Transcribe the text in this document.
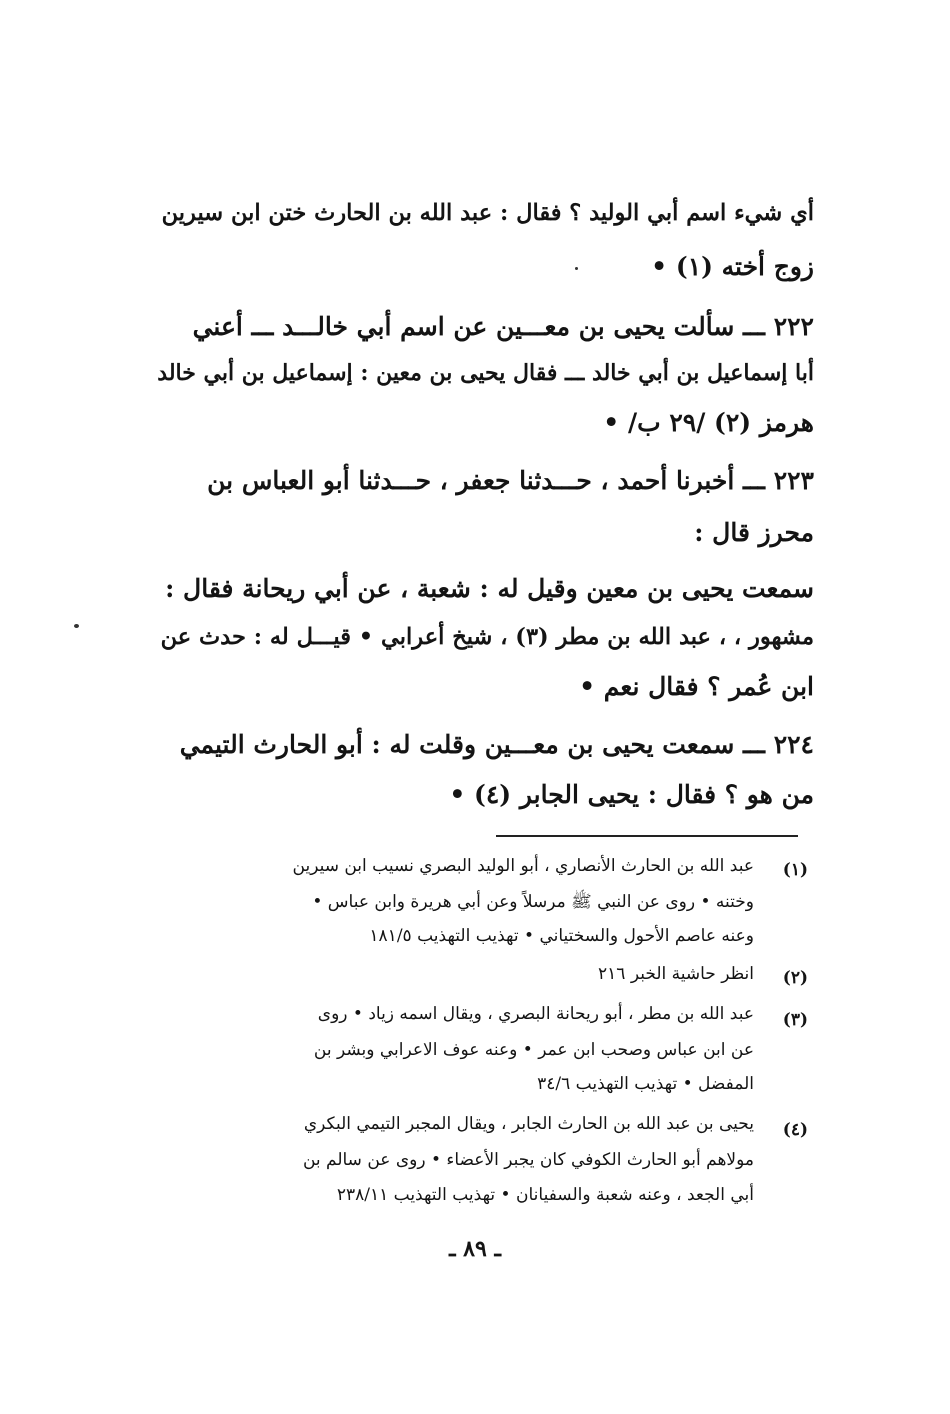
أي شيء اسم أبي الوليد ؟ فقال : عبد الله بن الحارث ختن ابن سيرين
زوج أخته (١) •
٢٢٢ ـــ سألت يحيى بن معـــين عن اسم أبي خالـــد ـــ أعني
أبا إسماعيل بن أبي خالد ـــ فقال يحيى بن معين : إسماعيل بن أبي خالد
هرمز (٢) /٢٩ ب/ •
٢٢٣ ـــ أخبرنا أحمد ، حـــدثنا جعفر ، حـــدثنا أبو العباس بن
محرز قال :
سمعت يحيى بن معين وقيل له : شعبة ، عن أبي ريحانة فقال :
مشهور ، ، عبد الله بن مطر (٣) ، شيخ أعرابي • قيـــل له : حدث عن
ابن عُمر ؟ فقال نعم •
٢٢٤ ـــ سمعت يحيى بن معـــين وقلت له : أبو الحارث التيمي
من هو ؟ فقال : يحيى الجابر (٤) •
(١)
عبد الله بن الحارث الأنصاري ، أبو الوليد البصري نسيب ابن سيرين
وختنه • روى عن النبي ﷺ مرسلاً وعن أبي هريرة وابن عباس •
وعنه عاصم الأحول والسختياني • تهذيب التهذيب ١٨١/٥
(٢)
انظر حاشية الخبر ٢١٦
(٣)
عبد الله بن مطر ، أبو ريحانة البصري ، ويقال اسمه زياد • روى
عن ابن عباس وصحب ابن عمر • وعنه عوف الاعرابي وبشر بن
المفضل • تهذيب التهذيب ٣٤/٦
(٤)
يحيى بن عبد الله بن الحارث الجابر ، ويقال المجبر التيمي البكري
مولاهم أبو الحارث الكوفي كان يجبر الأعضاء • روى عن سالم بن
أبي الجعد ، وعنه شعبة والسفيانان • تهذيب التهذيب ٢٣٨/١١
ـ ٨٩ ـ
